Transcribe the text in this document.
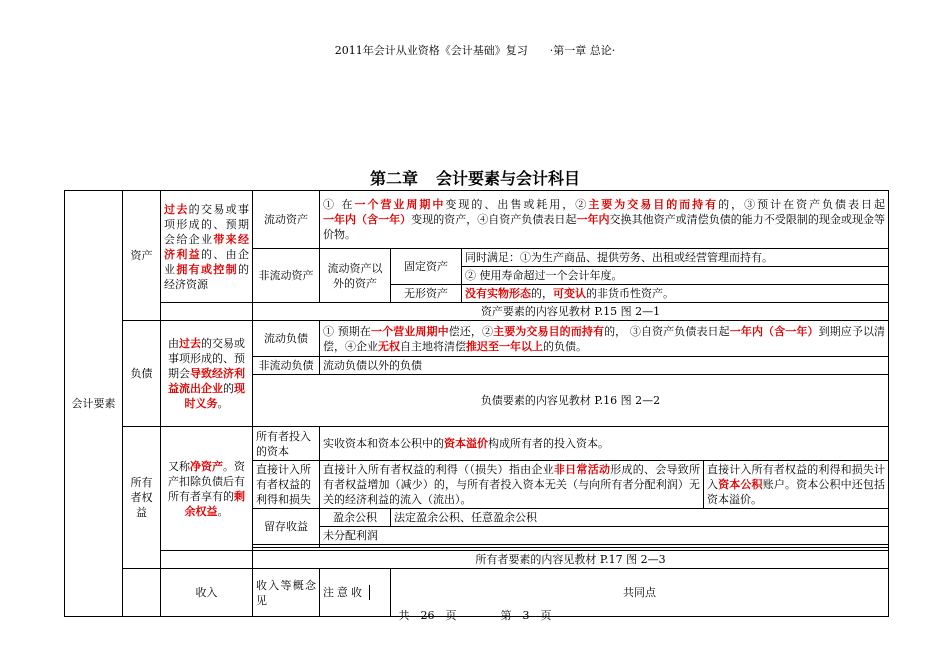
2011年会计从业资格《会计基础》复习 ·第一章 总论·
第二章 会计要素与会计科目
会计要素	资产	过去的交易或事项形成的、预期会给企业带来经济利益的、由企业拥有或控制的经济资源	流动资产	① 在一个营业周期中变现的、出售或耗用，②主要为交易目的而持有的，③预计在资产负债表日起一年内（含一年）变现的资产，④自资产负债表日起一年内交换其他资产或清偿负债的能力不受限制的现金或现金等价物。				
			非流动资产	流动资产以外的资产	固定资产	同时满足：①为生产商品、提供劳务、出租或经营管理而持有。		
						② 使用寿命超过一个会计年度。		
					无形资产	没有实物形态的，可变认的非货币性资产。		
			资产要素的内容见教材 P.15 图 2—1					
	负债	由过去的交易或事项形成的、预期会导致经济利益流出企业的现时义务。	流动负债	① 预期在一个营业周期中偿还，②主要为交易目的而持有的， ③自资产负债表日起一年内（含一年）到期应予以清偿，④企业无权自主地将清偿推迟至一年以上的负债。				
			非流动负债	流动负债以外的负债				
			负债要素的内容见教材 P.16 图 2—2					
	所有者权益	又称净资产。资产扣除负债后有所有者享有的剩余权益。	所有者投入的资本	实收资本和资本公积中的资本溢价构成所有者的投入资本。				
			直接计入所有者权益的利得和损失	直接计入所有者权益的利得（（损失）指由企业非日常活动形成的、会导致所有者权益增加（减少）的，与所有者投入资本无关（与向所有者分配利润）无关的经济利益的流入（流出）。			直接计入所有者权益的利得和损失计入资本公积账户。资本公积中还包括资本溢价。	

			留存收益	盈余公积	法定盈余公积、任意盈余公积			
				未分配利润				

			所有者要素的内容见教材 P.17 图 2—3					
		收入	收入等概念见	注意收	共同点	
共　26　页	第　3　页
